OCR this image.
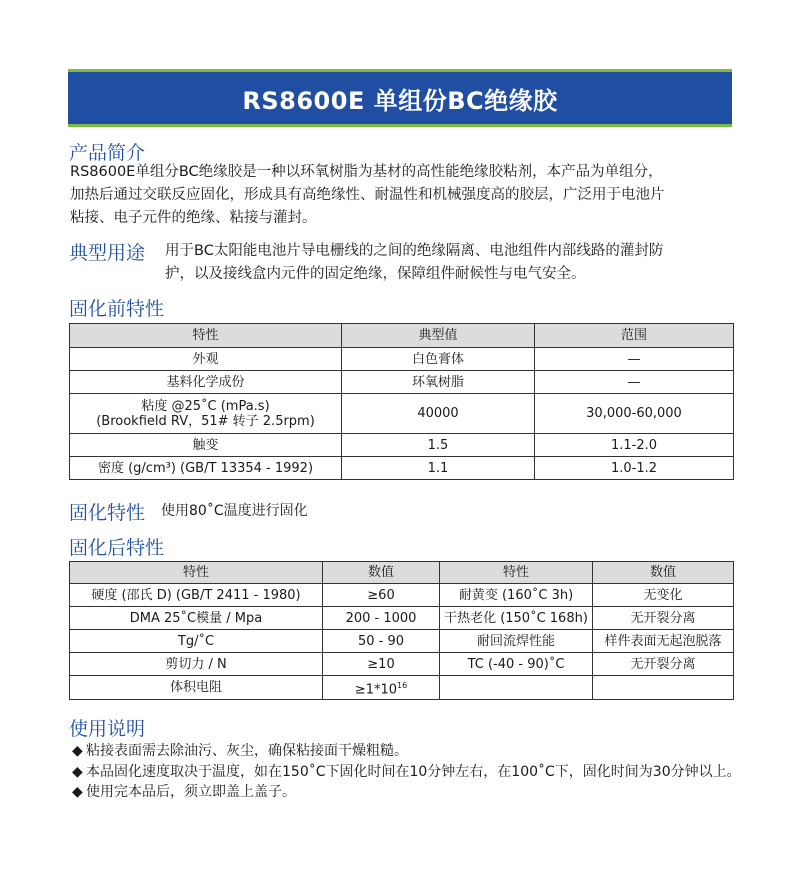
RS8600E 单组份BC绝缘胶
产品简介
RS8600E单组分BC绝缘胶是一种以环氧树脂为基材的高性能绝缘胶粘剂，本产品为单组分，
加热后通过交联反应固化，形成具有高绝缘性、耐温性和机械强度高的胶层，广泛用于电池片
粘接、电子元件的绝缘、粘接与灌封。
典型用途 用于BC太阳能电池片导电栅线的之间的绝缘隔离、电池组件内部线路的灌封防
护，以及接线盒内元件的固定绝缘，保障组件耐候性与电气安全。
固化前特性
特性	典型值	范围
外观	白色膏体	—
基料化学成份	环氧树脂	—

粘度 @25˚C (mPa.s)
(Brookfield RV，51# 转子 2.5rpm)	40000	30,000-60,000
触变	1.5	1.1-2.0
密度 (g/cm³) (GB/T 13354 - 1992)	1.1	1.0-1.2
固化特性 使用80˚C温度进行固化
固化后特性
特性	数值	特性	数值
硬度 (邵氏 D) (GB/T 2411 - 1980)	≥60	耐黄变 (160˚C 3h)	无变化
DMA 25˚C模量 / Mpa	200 - 1000	干热老化 (150˚C 168h)	无开裂分离
Tg/˚C	50 - 90	耐回流焊性能	样件表面无起泡脱落
剪切力 / N	≥10	TC (-40 - 90)˚C	无开裂分离
体积电阻	$\ge 1*10^{16}$		
使用说明
◆ 粘接表面需去除油污、灰尘，确保粘接面干燥粗糙。
◆ 本品固化速度取决于温度，如在150˚C下固化时间在10分钟左右，在100˚C下，固化时间为30分钟以上。
◆ 使用完本品后，须立即盖上盖子。
